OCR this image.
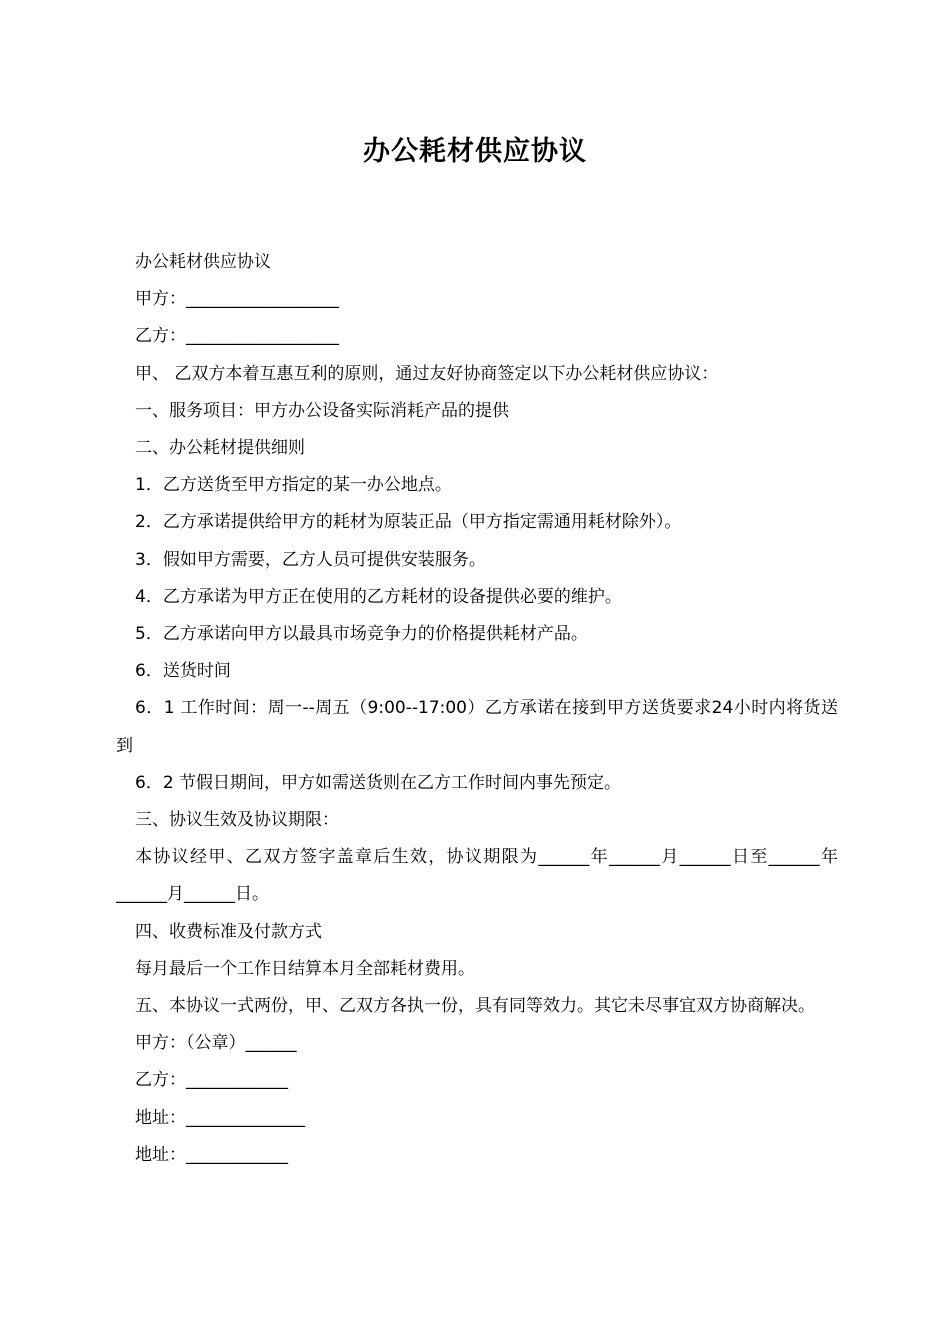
办公耗材供应协议

办公耗材供应协议

甲方：__________________

乙方：__________________

甲、 乙双方本着互惠互利的原则，通过友好协商签定以下办公耗材供应协议：

一、服务项目：甲方办公设备实际消耗产品的提供

二、办公耗材提供细则

1．乙方送货至甲方指定的某一办公地点。

2．乙方承诺提供给甲方的耗材为原装正品（甲方指定需通用耗材除外）。

3．假如甲方需要，乙方人员可提供安装服务。

4．乙方承诺为甲方正在使用的乙方耗材的设备提供必要的维护。

5．乙方承诺向甲方以最具市场竞争力的价格提供耗材产品。

6．送货时间

6．1 工作时间：周一--周五（9:00--17:00）乙方承诺在接到甲方送货要求24小时内将货送到

6．2 节假日期间，甲方如需送货则在乙方工作时间内事先预定。

三、协议生效及协议期限：

本协议经甲、乙双方签字盖章后生效，协议期限为______年______月______日至______年______月______日。

四、收费标准及付款方式

每月最后一个工作日结算本月全部耗材费用。

五、本协议一式两份，甲、乙双方各执一份，具有同等效力。其它未尽事宜双方协商解决。

甲方：（公章）______

乙方：____________

地址：______________

地址：____________
